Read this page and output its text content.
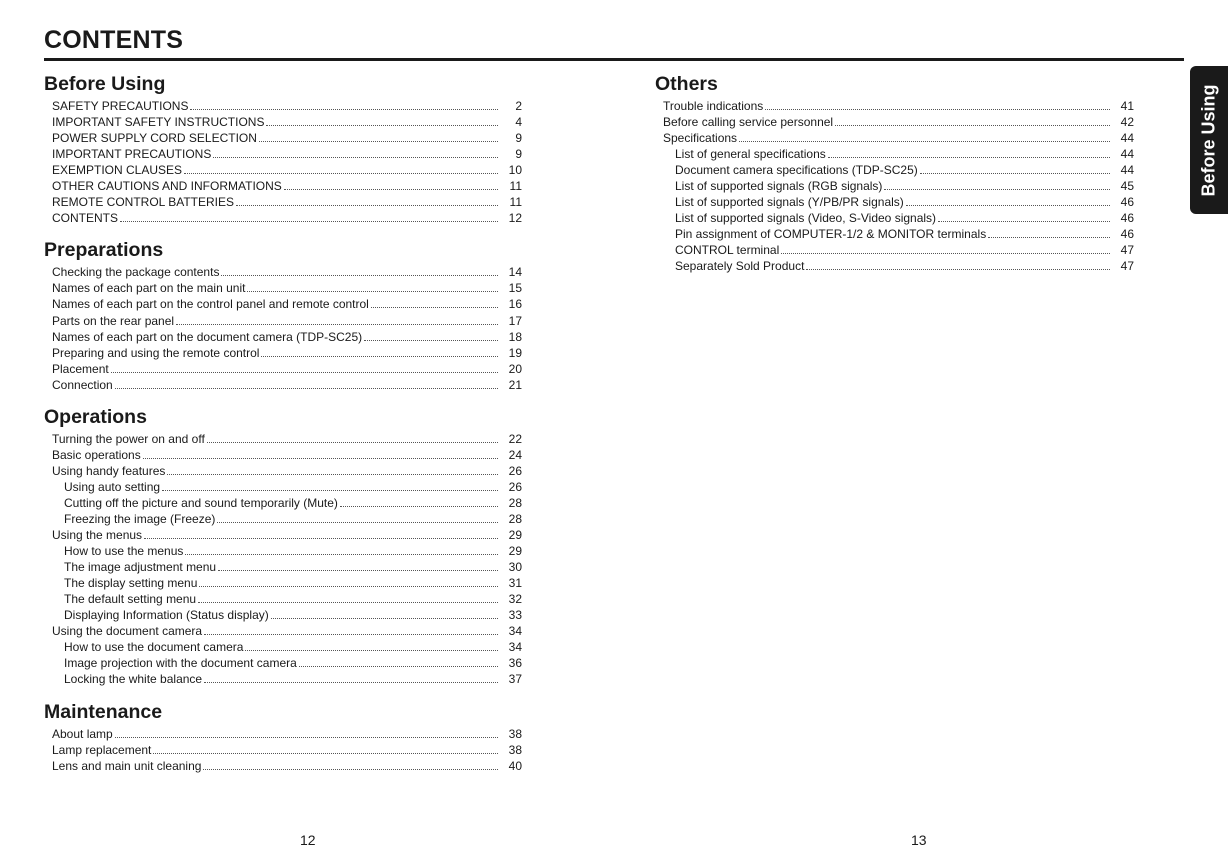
CONTENTS
Before Using
SAFETY PRECAUTIONS	2
IMPORTANT SAFETY INSTRUCTIONS	4
POWER SUPPLY CORD SELECTION	9
IMPORTANT PRECAUTIONS	9
EXEMPTION CLAUSES	10
OTHER CAUTIONS AND INFORMATIONS	11
REMOTE CONTROL BATTERIES	11
CONTENTS	12
Preparations
Checking the package contents	14
Names of each part on the main unit	15
Names of each part on the control panel and remote control	16
Parts on the rear panel	17
Names of each part on the document camera (TDP-SC25)	18
Preparing and using the remote control	19
Placement	20
Connection	21
Operations
Turning the power on and off	22
Basic operations	24
Using handy features	26
Using auto setting	26
Cutting off the picture and sound temporarily (Mute)	28
Freezing the image (Freeze)	28
Using the menus	29
How to use the menus	29
The image adjustment menu	30
The display setting menu	31
The default setting menu	32
Displaying Information (Status display)	33
Using the document camera	34
How to use the document camera	34
Image projection with the document camera	36
Locking the white balance	37
Maintenance
About lamp	38
Lamp replacement	38
Lens and main unit cleaning	40
Others
Trouble indications	41
Before calling service personnel	42
Specifications	44
List of general specifications	44
Document camera specifications (TDP-SC25)	44
List of supported signals (RGB signals)	45
List of supported signals (Y/PB/PR signals)	46
List of supported signals (Video, S-Video signals)	46
Pin assignment of COMPUTER-1/2 & MONITOR terminals	46
CONTROL terminal	47
Separately Sold Product	47
Before Using
12	13
